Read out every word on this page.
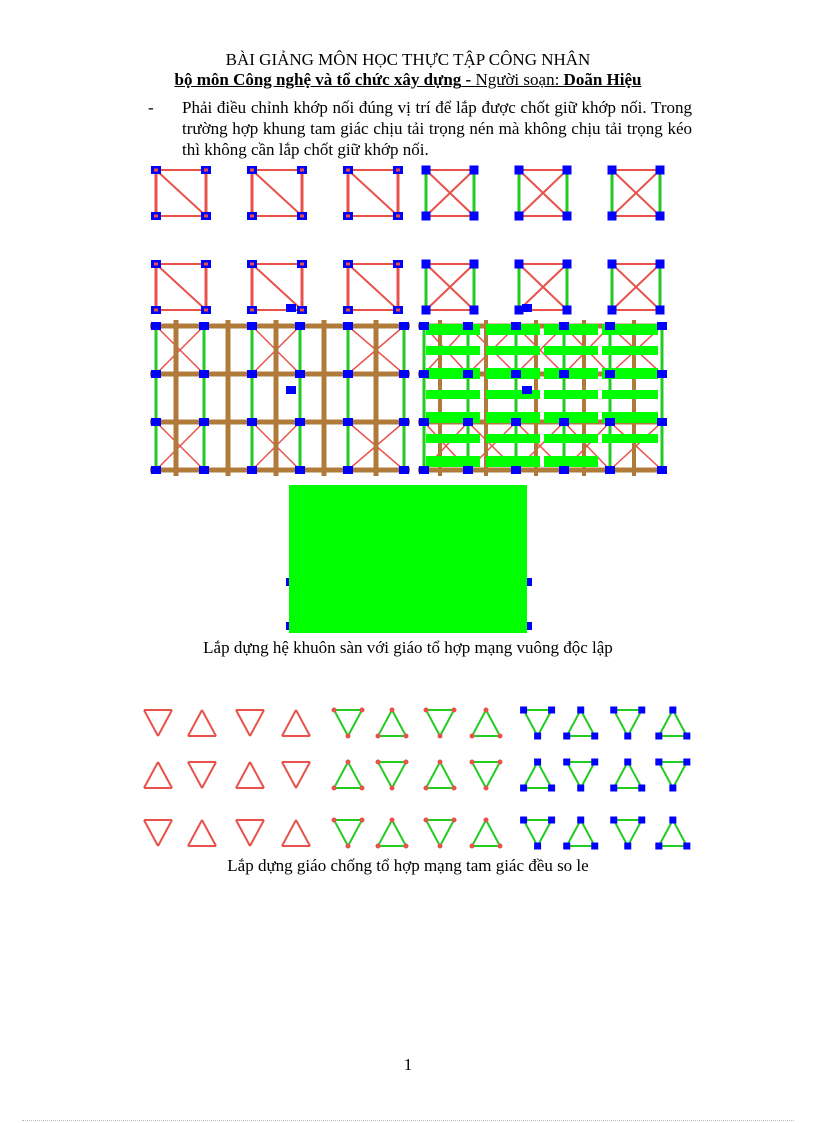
BÀI GIẢNG MÔN HỌC THỰC TẬP CÔNG NHÂN
bộ môn Công nghệ và tổ chức xây dựng - Người soạn: Doãn Hiệu
- Phải điều chỉnh khớp nối đúng vị trí để lắp được chốt giữ khớp nối. Trong trường hợp khung tam giác chịu tải trọng nén mà không chịu tải trọng kéo thì không cần lắp chốt giữ khớp nối.
Lắp dựng hệ khuôn sàn với giáo tổ hợp mạng vuông độc lập
Lắp dựng giáo chống tổ hợp mạng tam giác đều so le
1
